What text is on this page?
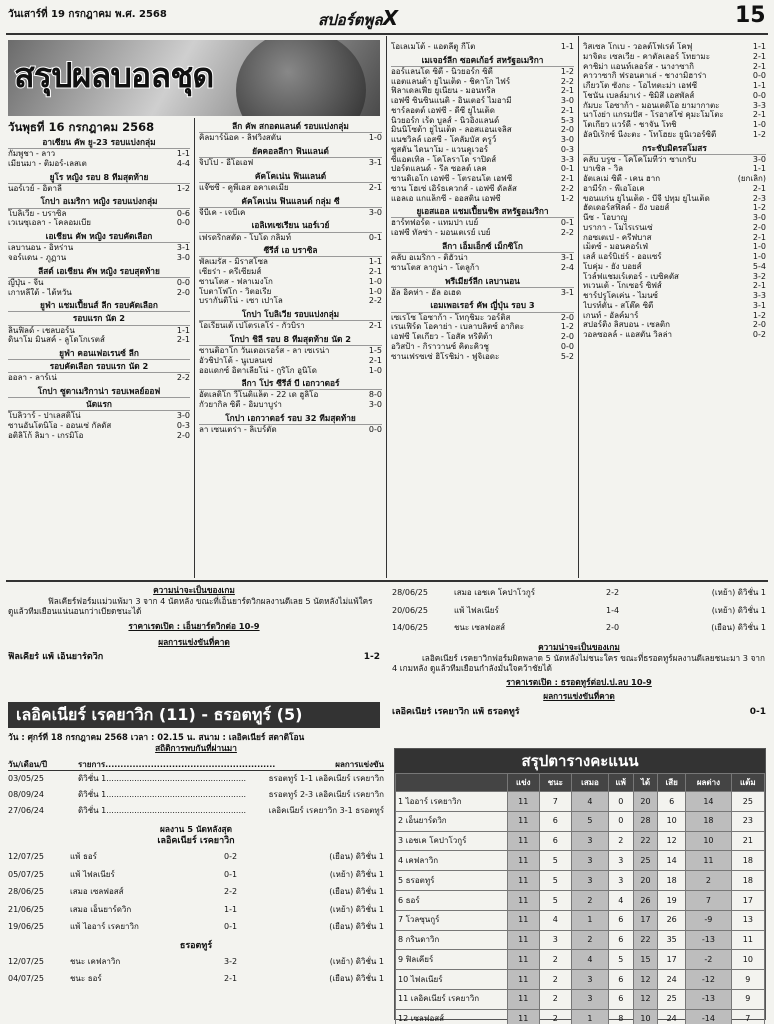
วันเสาร์ที่ 19 กรกฎาคม พ.ศ. 2568	สปอร์ตพูลX	15
สรุปผลบอลชุด
วันพุธที่ 16 กรกฎาคม 2568
อาเซียน คัพ ยู-23 รอบแบ่งกลุ่ม
กัมพูชา - ลาว	1-1
เมียนมา - ติมอร์-เลสเต	4-4
ยูโร หญิง รอบ 8 ทีมสุดท้าย
นอร์เวย์ - อิตาลี	1-2
โกปา อเมริกา หญิง รอบแบ่งกลุ่ม
โบลิเวีย - บราซิล	0-6
เวเนซุเอลา - โคลอมเบีย	0-0
เอเชียน คัพ หญิง รอบคัดเลือก
เลบานอน - อิหร่าน	3-1
จอร์แดน - ภูฏาน	3-0
ลีสต์ เอเชียน คัพ หญิง รอบสุดท้าย
ญี่ปุ่น - จีน	0-0
เกาหลีใต้ - ไต้หวัน	2-0
ยูฟ่า แชมเปี้ยนส์ ลีก รอบคัดเลือก
รอบแรก นัด 2
ลินฟิลด์ - เชลบอร์น	1-1
ดินาโม มินสค์ - ลูโดโกเรตส์	2-1
ยูฟ่า คอนเฟอเรนซ์ ลีก
รอบคัดเลือก รอบแรก นัด 2
ออลา - ลาร์เน่	2-2
โกปา ซูดาเมริกาน่า รอบเพลย์ออฟ
นัดแรก
โบลิวาร์ - ปาเลสติโน่	3-0
ซานอันโตนิโอ - ออนเซ่ กัลดัส	0-3
อติลิโก้ ลิมา - เกรมิโอ	2-0
ลีก คัพ สกอตแลนด์ รอบแบ่งกลุ่ม
คิลมาร์น็อค - ลิฟวิงสตัน	1-0
ยัคคอลลีกา ฟินแลนด์
จิปโป - อีโอเอฟ	3-1
คัคโคเน่น ฟินแลนด์
แจ๊ซซี่ - คูพีเอส อคาเดเมีย	2-1
คัคโคเน่น ฟินแลนด์ กลุ่ม ซี
จีบีเค - เจบีเค	3-0
เอลิเทเซเรียน นอร์เวย์
เฟรดริกสตัด - โบโด กลิมท์	0-1
ซีรีส์ เอ บราซิล
พัลเมรัส - มิราสโซล	1-1
เซียร่า - ครีเซียมส์	2-1
ซานโตส - ฟลาเมงโก	1-0
โบตาโฟโก - วิตอเรีย	1-0
บรากันติโน่ - เซา เปาโล	2-2
โกปา โบลิเวีย รอบแบ่งกลุ่ม
โอเรียนเต้ เปโตรเลโร่ - กัวบิรา	2-1
โกปา ชิลี รอบ 8 ทีมสุดท้าย นัด 2
ซานติอาโก วันเดอเรอร์ส - ลา เซเรน่า	1-5
อัวชิปาโต้ - นูเบลนเซ่	2-1
ออแดกซ์ อิตาเลียโน่ - กูริโก อูนิโด	1-0
ลีกา โปร ซีรีส์ บี เอกวาดอร์
อัตเลติโก วีโนติแล็ต - 22 เด ฮูลิโอ	8-0
กัวยากิล ซิตี้ - อิมบาบูร่า	3-0
โกปา เอกวาดอร์ รอบ 32 ทีมสุดท้าย
ลา เซนเตร่า - ลิเบร์ตัด	0-0
โอเลเมโต้ - แอตลีตู กีโต	1-1
เมเจอร์ลีก ซอคเก้อร์ สหรัฐอเมริกา
ออร์แลนโด ซิตี้ - นิวยอร์ก ซิตี้	1-2
แอตแลนต้า ยูไนเต็ด - ชิคาโก ไฟร์	2-2
ฟิลาเดลเฟีย ยูเนี่ยน - มอนทรีล	2-1
เอฟซี ซินซินแนติ - อินเตอร์ ไมอามี่	3-0
ชาร์ลอตต์ เอฟซี - ดีซี ยูไนเต็ด	2-1
นิวยอร์ก เร้ด บูลส์ - นิวอิงแลนด์	5-3
มินนิโซต้า ยูไนเต็ด - ลอสแอนเจลิส	2-0
แนชวิลล์ เอสซี - โคลัมบัส ครูว์	3-0
ซูสตัน ไดนาโม - แวนคูเวอร์	0-3
ซีแอตเทิล - โคโลราโด ราปิดส์	3-3
ปอร์ตแลนด์ - รีล ซอลต์ เลค	0-1
ซานดิเอโก เอฟซี - โตรอนโต เอฟซี	2-1
ซาน โฮเซ่ เอิร์ธเควกส์ - เอฟซี ดัลลัส	2-2
แอลเอ แกแล็กซี่ - ออสติน เอฟซี	1-2
ยูเอสแอล แชมเปี้ยนชิพ สหรัฐอเมริกา
ฮาร์ทฟอร์ด - แทมปา เบย์	0-1
เอฟซี ทัลซ่า - มอนเตเรย์ เบย์	2-2
ลีกา เอ็มเอ็กซ์ เม็กซิโก
คลับ อเมริกา - ติฮัวน่า	3-1
ซานโตส ลากูน่า - โตลูก้า	2-4
พรีเมียร์ลีก เลบานอน
อัล อิคห่า - อัล อเฮด	3-1
เอมเพอเรอร์ คัพ ญี่ปุ่น รอบ 3
เซเรโซ โอซาก้า - โทกุชิมะ วอร์ติส	2-0
เรนเฟิร์ด โอคาย่า - เบลาบลิตซ์ อากิตะ	1-2
เอฟซี โตเกียว - โอสัค ทริติต้า	2-0
อวิสป้า - กิราวานซ์ คิตะคิวชู	0-0
ซานเฟรซเซ่ ฮิโรชิม่า - ฟูจิเอดะ	5-2
วิสเซล โกเบ - วอลต์โฟเรต์ โคฟุ	1-1
มาจิดะ เซลเวีย - คาตัลเลอร์ โทยามะ	2-1
คาชิม่า แอนท์เลอร์ส - นางาซากิ	2-1
คาวาซากิ ฟรอนตาเล่ - ชางามิฮาร่า	0-0
เกียวโต ซังกะ - โอไทตะม่า เอฟซี	1-1
โชนัน เบลล์มาเร่ - ซิมิสึ เอสพัลส์	0-0
กัมบะ โอซาก้า - มอนเตดิโอ ยามากาตะ	3-3
นาโงย่า แกรมปัส - โรอาสโซ่ คุมะโมโตะ	2-1
โตเกียว แวร์ดี้ - ชาจัน โทชิ	1-0
อัลบิเร็กซ์ นีงะตะ - โทโฮยะ ยูนิเวอร์ซิตี้	1-2
กระชับมิตรสโมสร
คลับ บรูซ - โคโคโมทีว่า ซาเกรับ	3-0
บาเซิล - วิล	1-1
อัตเลเม่ ซิตี้ - เคน ฮาก	(ยกเลิก)
อามีร์ก - พีเอโอเค	2-1
ขอนแก่น ยูไนเต็ด - บีจี ปทุม ยูไนเต็ด	2-3
ฮัดเดอร์สฟิลด์ - ยัง บอยส์	1-2
นีซ - โอบาญ	3-0
บรากา - โมไรเรนเซ่	2-0
กอซเตเป - ครีฟบาส	2-1
เม็ตซ์ - มอนคอร์เฟ่	1-0
เลส์ แอร์บิเย่ร์ - ออแซร์	1-0
โบคุ่ม - ยัง บอยส์	5-4
โวล์ฟแชมเร์เตอร์ - เบซิคตัส	3-2
ทเวนเต้ - โกเซอร์ ซิฟส์	2-1
ชาร์ปรูโคเค่น - ไมนซ์	3-3
ไบรท์ตัน - สโต๊ค ซิตี้	3-1
เกนท์ - อัลค์มาร์	1-2
สปอร์ติ้ง ลิสบอน - เซลติก	2-0
วอลซอลล์ - แอสตัน วิลล่า	0-2
ความน่าจะเป็นของเกม
ฟิลเคียร์ฟอร์มแม่วแพ้มา 3 จาก 4 นัดหลัง ขณะที่เอ็นยาร์ดวิกผลงานดีเลย 5 นัดหลังไม่แพ้ใคร ดูแล้วทีมเยือนแน่นอนกว่าเบียดชนะได้
ราคาเรตเปิด : เอ็นยาร์ดวิกต่อ 10-9
ผลการแข่งขันที่คาด
ฟิลเคียร์ แพ้ เอ็นยาร์ดวิก	1-2
28/06/25	เสมอ เอชเค โคปาโวกูร์	2-2	(เหย้า) ดิวิชั่น 1
20/06/25	แพ้ ไฟลเนียร์	1-4	(เหย้า) ดิวิชั่น 1
14/06/25	ชนะ เซลฟอสส์	2-0	(เยือน) ดิวิชั่น 1
ความน่าจะเป็นของเกม
เลอิคเนียร์ เรคยาวิกฟอร์มผิดพลาด 5 นัดหลังไม่ชนะใคร ขณะที่ธรอตทูร์ผลงานดีเลยชนะมา 3 จาก 4 เกมหลัง ดูแล้วทีมเยือนกำลังมั่นใจคว้าชัยได้
ราคาเรตเปิด : ธรอตทูร์ต่อป.ป.ลบ 10-9
ผลการแข่งขันที่คาด
เลอิคเนียร์ เรคยาวิก แพ้ ธรอตทูร์	0-1
เลอิคเนียร์ เรคยาวิก (11) - ธรอตทูร์ (5)
วัน : ศุกร์ที่ 18 กรกฎาคม 2568 เวลา : 02.15 น. สนาม : เลอิคเนียร์ สตาดิโอน
สถิติการพบกันที่ผ่านมา
วัน/เดือน/ปี	รายการ........................................................	ผลการแข่งขัน
03/05/25	ดิวิชั่น 1.......................................................	ธรอตทูร์ 1-1 เลอิคเนียร์ เรคยาวิก
08/09/24	ดิวิชั่น 1.......................................................	ธรอตทูร์ 2-3 เลอิคเนียร์ เรคยาวิก
27/06/24	ดิวิชั่น 1.......................................................	เลอิคเนียร์ เรคยาวิก 3-1 ธรอตทูร์
ผลงาน 5 นัดหลังสุด
เลอิคเนียร์ เรคยาวิก
12/07/25	แพ้ ธอร์	0-2	(เยือน) ดิวิชั่น 1
05/07/25	แพ้ ไฟลเนียร์	0-1	(เหย้า) ดิวิชั่น 1
28/06/25	เสมอ เซลฟอสส์	2-2	(เยือน) ดิวิชั่น 1
21/06/25	เสมอ เอ็นยาร์ดวิก	1-1	(เหย้า) ดิวิชั่น 1
19/06/25	แพ้ ไออาร์ เรคยาวิก	0-1	(เยือน) ดิวิชั่น 1
ธรอตทูร์
12/07/25	ชนะ เคฟลาวิก	3-2	(เหย้า) ดิวิชั่น 1
04/07/25	ชนะ ธอร์	2-1	(เยือน) ดิวิชั่น 1
สรุปตารางคะแนน
	แข่ง	ชนะ	เสมอ	แพ้	ได้	เสีย	ผลต่าง	แต้ม
1 ไออาร์ เรคยาวิก	11	7	4	0	20	6	14	25
2 เอ็นยาร์ดวิก	11	6	5	0	28	10	18	23
3 เอชเค โคปาโวกูร์	11	6	3	2	22	12	10	21
4 เคฟลาวิก	11	5	3	3	25	14	11	18
5 ธรอตทูร์	11	5	3	3	20	18	2	18
6 ธอร์	11	5	2	4	26	19	7	17
7 โวลซุนกูร์	11	4	1	6	17	26	-9	13
8 กรินดาวิก	11	3	2	6	22	35	-13	11
9 ฟิลเคียร์	11	2	4	5	15	17	-2	10
10 ไฟลเนียร์	11	2	3	6	12	24	-12	9
11 เลอิคเนียร์ เรคยาวิก	11	2	3	6	12	25	-13	9
12 เซลฟอสส์	11	2	1	8	10	24	-14	7
